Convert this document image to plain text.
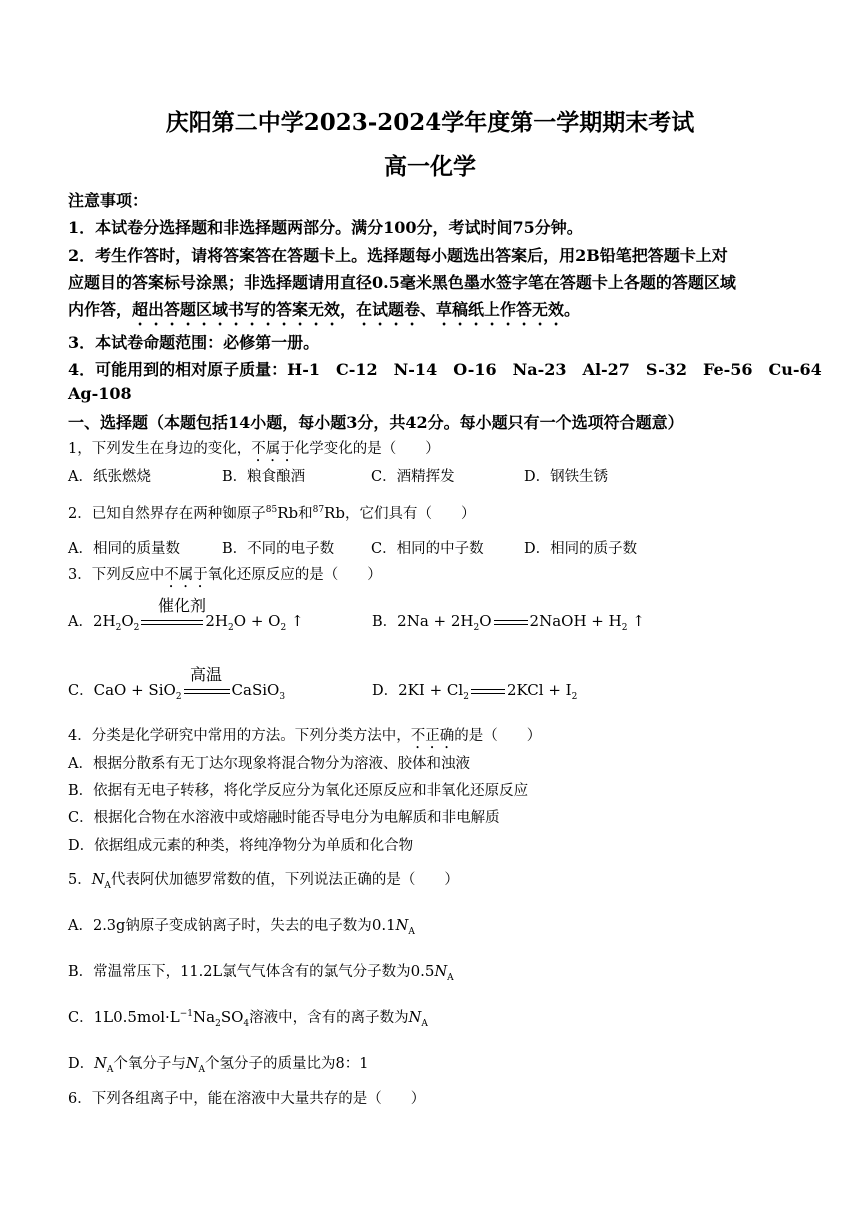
庆阳第二中学2023-2024学年度第一学期期末考试
高一化学
注意事项：
1．本试卷分选择题和非选择题两部分。满分100分，考试时间75分钟。
2．考生作答时，请将答案答在答题卡上。选择题每小题选出答案后，用2B铅笔把答题卡上对
应题目的答案标号涂黑；非选择题请用直径0.5毫米黑色墨水签字笔在答题卡上各题的答题区域
内作答，超出答题区域书写的答案无效，在试题卷、草稿纸上作答无效。
3．本试卷命题范围：必修第一册。
4．可能用到的相对原子质量：H-1　C-12　N-14　O-16　Na-23　Al-27　S-32　Fe-56　Cu-64
Ag-108
一、选择题（本题包括14小题，每小题3分，共42分。每小题只有一个选项符合题意）
1，下列发生在身边的变化，不属于化学变化的是（　　）
A．纸张燃烧	B．粮食酿酒	C．酒精挥发	D．钢铁生锈
2．已知自然界存在两种铷原子$^{85}$Rb和$^{87}$Rb，它们具有（　　）
A．相同的质量数	B．不同的电子数	C．相同的中子数	D．相同的质子数
3．下列反应中不属于氧化还原反应的是（　　）
催化剂
A．$2H_2O_2$	$2H_2O + O_2$ ↑	B．$2Na + 2H_2O$	2NaOH + $H_2$ ↑
高温
C．CaO + SiO$_2$	CaSiO$_3$	D．$2KI + Cl_2$	$2KCl + I_2$
4．分类是化学研究中常用的方法。下列分类方法中，不正确的是（　　）
A．根据分散系有无丁达尔现象将混合物分为溶液、胶体和浊液
B．依据有无电子转移，将化学反应分为氧化还原反应和非氧化还原反应
C．根据化合物在水溶液中或熔融时能否导电分为电解质和非电解质
D．依据组成元素的种类，将纯净物分为单质和化合物
5．$N_A$代表阿伏加德罗常数的值，下列说法正确的是（　　）
A．2.3g钠原子变成钠离子时，失去的电子数为$0.1N_A$
B．常温常压下，11.2L氯气气体含有的氯气分子数为$0.5N_A$
C．$1L0.5mol\cdot L^{-1}Na_2SO_4$溶液中，含有的离子数为$N_A$
D．$N_A$个氧分子与$N_A$个氢分子的质量比为8：1
6．下列各组离子中，能在溶液中大量共存的是（　　）
